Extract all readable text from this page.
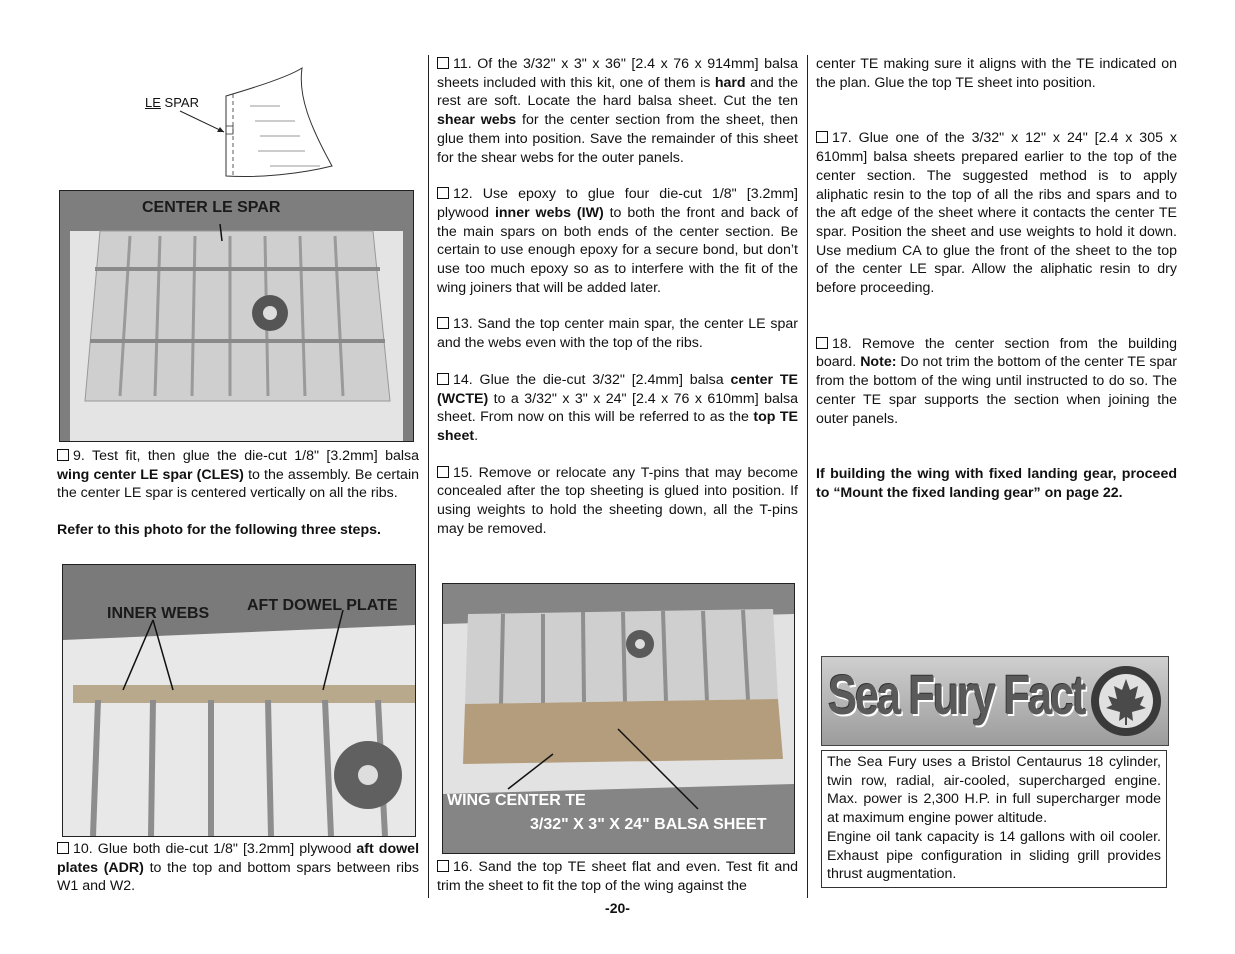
LE SPAR
CENTER LE SPAR
INNER WEBS AFT DOWEL PLATE
WING CENTER TE
3/32" X 3" X 24" BALSA SHEET

9. Test fit, then glue the die-cut 1/8" [3.2mm] balsa wing center LE spar (CLES) to the assembly. Be certain the center LE spar is centered vertically on all the ribs.

Refer to this photo for the following three steps.

10. Glue both die-cut 1/8" [3.2mm] plywood aft dowel plates (ADR) to the top and bottom spars between ribs W1 and W2.

11. Of the 3/32" x 3" x 36" [2.4 x 76 x 914mm] balsa sheets included with this kit, one of them is hard and the rest are soft. Locate the hard balsa sheet. Cut the ten shear webs for the center section from the sheet, then glue them into position. Save the remainder of this sheet for the shear webs for the outer panels.

12. Use epoxy to glue four die-cut 1/8" [3.2mm] plywood inner webs (IW) to both the front and back of the main spars on both ends of the center section. Be certain to use enough epoxy for a secure bond, but don’t use too much epoxy so as to interfere with the fit of the wing joiners that will be added later.

13. Sand the top center main spar, the center LE spar and the webs even with the top of the ribs.

14. Glue the die-cut 3/32" [2.4mm] balsa center TE (WCTE) to a 3/32" x 3" x 24" [2.4 x 76 x 610mm] balsa sheet. From now on this will be referred to as the top TE sheet.

15. Remove or relocate any T-pins that may become concealed after the top sheeting is glued into position. If using weights to hold the sheeting down, all the T-pins may be removed.

16. Sand the top TE sheet flat and even. Test fit and trim the sheet to fit the top of the wing against the

center TE making sure it aligns with the TE indicated on the plan. Glue the top TE sheet into position.

17. Glue one of the 3/32" x 12" x 24" [2.4 x 305 x 610mm] balsa sheets prepared earlier to the top of the center section. The suggested method is to apply aliphatic resin to the top of all the ribs and spars and to the aft edge of the sheet where it contacts the center TE spar. Position the sheet and use weights to hold it down. Use medium CA to glue the front of the sheet to the top of the center LE spar. Allow the aliphatic resin to dry before proceeding.

18. Remove the center section from the building board. Note: Do not trim the bottom of the center TE spar from the bottom of the wing until instructed to do so. The center TE spar supports the section when joining the outer panels.

If building the wing with fixed landing gear, proceed to “Mount the fixed landing gear” on page 22.

Sea Fury Fact

The Sea Fury uses a Bristol Centaurus 18 cylinder, twin row, radial, air-cooled, supercharged engine. Max. power is 2,300 H.P. in full supercharger mode at maximum engine power altitude.

Engine oil tank capacity is 14 gallons with oil cooler. Exhaust pipe configuration in sliding grill provides thrust augmentation.

-20-
